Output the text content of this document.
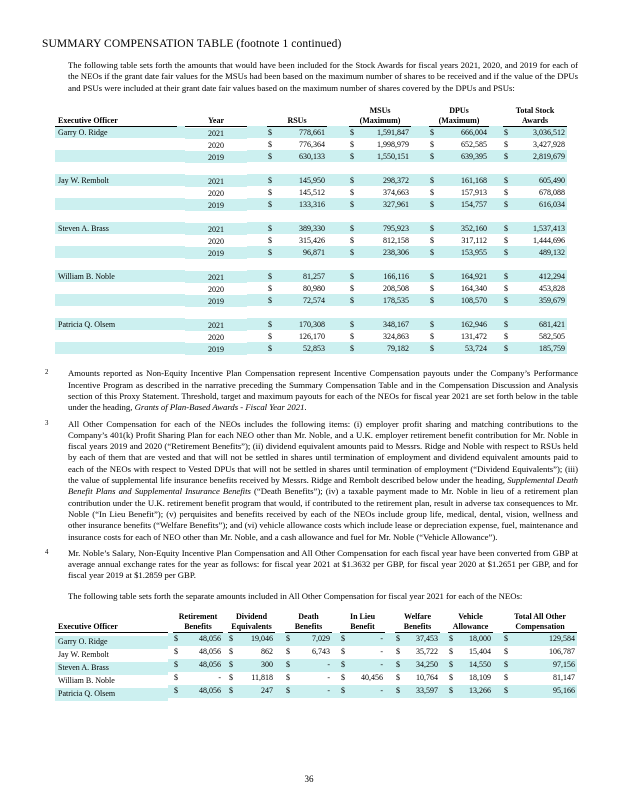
SUMMARY COMPENSATION TABLE (footnote 1 continued)
The following table sets forth the amounts that would have been included for the Stock Awards for fiscal years 2021, 2020, and 2019 for each of the NEOs if the grant date fair values for the MSUs had been based on the maximum number of shares to be received and if the value of the DPUs and PSUs were included at their grant date fair values based on the maximum number of shares covered by the DPUs and PSUs:
							MSUs			DPUs			Total Stock	
Executive Officer		Year		RSUs			(Maximum)			(Maximum)			Awards	
Garry O. Ridge		2021		$	778,661		$	1,591,847		$	666,004		$	3,036,512
		2020		$	776,364		$	1,998,979		$	652,585		$	3,427,928
		2019		$	630,133		$	1,550,151		$	639,395		$	2,819,679

Jay W. Rembolt		2021		$	145,950		$	298,372		$	161,168		$	605,490
		2020		$	145,512		$	374,663		$	157,913		$	678,088
		2019		$	133,316		$	327,961		$	154,757		$	616,034

Steven A. Brass		2021		$	389,330		$	795,923		$	352,160		$	1,537,413
		2020		$	315,426		$	812,158		$	317,112		$	1,444,696
		2019		$	96,871		$	238,306		$	153,955		$	489,132

William B. Noble		2021		$	81,257		$	166,116		$	164,921		$	412,294
		2020		$	80,980		$	208,508		$	164,340		$	453,828
		2019		$	72,574		$	178,535		$	108,570		$	359,679

Patricia Q. Olsem		2021		$	170,308		$	348,167		$	162,946		$	681,421
		2020		$	126,170		$	324,863		$	131,472		$	582,505
		2019		$	52,853		$	79,182		$	53,724		$	185,759
2	Amounts reported as Non-Equity Incentive Plan Compensation represent Incentive Compensation payouts under the Company’s Performance Incentive Program as described in the narrative preceding the Summary Compensation Table and in the Compensation Discussion and Analysis section of this Proxy Statement. Threshold, target and maximum payouts for each of the NEOs for fiscal year 2021 are set forth below in the table under the heading, Grants of Plan-Based Awards - Fiscal Year 2021.
3	All Other Compensation for each of the NEOs includes the following items: (i) employer profit sharing and matching contributions to the Company’s 401(k) Profit Sharing Plan for each NEO other than Mr. Noble, and a U.K. employer retirement benefit contribution for Mr. Noble in fiscal years 2019 and 2020 (“Retirement Benefits”); (ii) dividend equivalent amounts paid to Messrs. Ridge and Noble with respect to RSUs held by each of them that are vested and that will not be settled in shares until termination of employment and dividend equivalent amounts paid to each of the NEOs with respect to Vested DPUs that will not be settled in shares until termination of employment (“Dividend Equivalents”); (iii) the value of supplemental life insurance benefits received by Messrs. Ridge and Rembolt described below under the heading, Supplemental Death Benefit Plans and Supplemental Insurance Benefits (“Death Benefits”); (iv) a taxable payment made to Mr. Noble in lieu of a retirement plan contribution under the U.K. retirement benefit program that would, if contributed to the retirement plan, result in adverse tax consequences to Mr. Noble (“In Lieu Benefit”); (v) perquisites and benefits received by each of the NEOs include group life, medical, dental, vision, wellness and other insurance benefits (“Welfare Benefits”); and (vi) vehicle allowance costs which include lease or depreciation expense, fuel, maintenance and insurance costs for each of NEO other than Mr. Noble, and a cash allowance and fuel for Mr. Noble (“Vehicle Allowance”).
4	Mr. Noble’s Salary, Non-Equity Incentive Plan Compensation and All Other Compensation for each fiscal year have been converted from GBP at average annual exchange rates for the year as follows: for fiscal year 2021 at $1.3632 per GBP, for fiscal year 2020 at $1.2651 per GBP, and for fiscal year 2019 at $1.2859 per GBP.
The following table sets forth the separate amounts included in All Other Compensation for fiscal year 2021 for each of the NEOs:
		Retirement			Dividend			Death			In Lieu			Welfare			Vehicle			Total All Other	
Executive Officer		Benefits			Equivalents			Benefits			Benefit			Benefits			Allowance			Compensation	
Garry O. Ridge		$	48,056		$	19,046		$	7,029		$	-		$	37,453		$	18,000		$	129,584
Jay W. Rembolt		$	48,056		$	862		$	6,743		$	-		$	35,722		$	15,404		$	106,787
Steven A. Brass		$	48,056		$	300		$	-		$	-		$	34,250		$	14,550		$	97,156
William B. Noble		$	-		$	11,818		$	-		$	40,456		$	10,764		$	18,109		$	81,147
Patricia Q. Olsem		$	48,056		$	247		$	-		$	-		$	33,597		$	13,266		$	95,166
36
